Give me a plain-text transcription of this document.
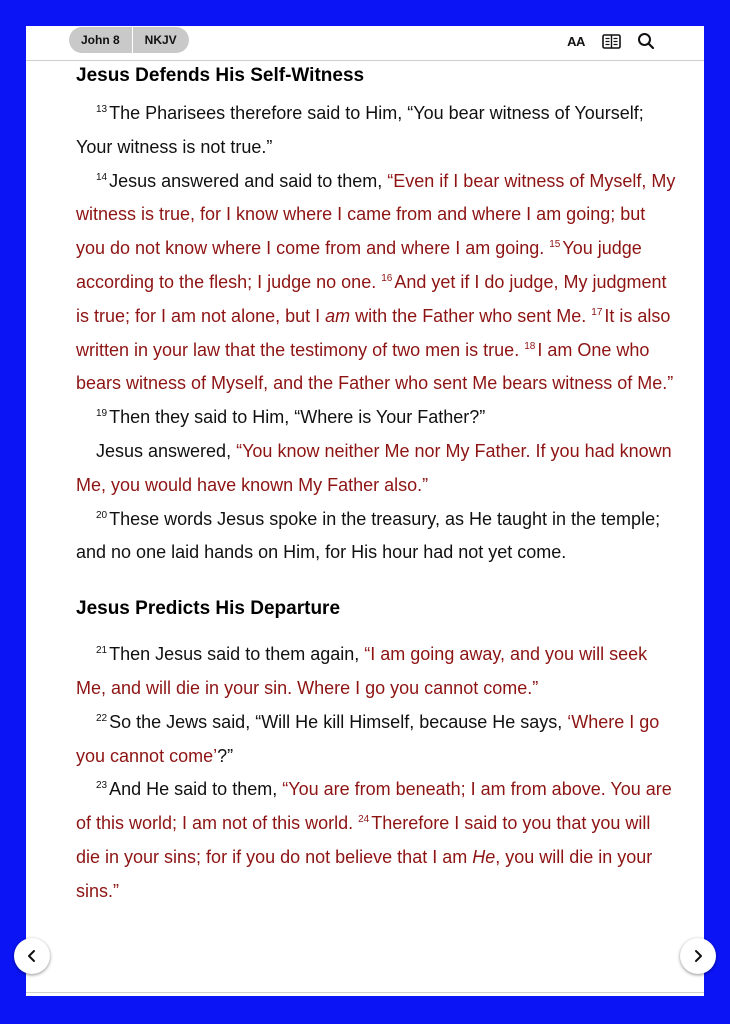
John 8	NKJV	AA
Jesus Defends His Self-Witness

$^{13}$ The Pharisees therefore said to Him, “You bear witness of Yourself; Your witness is not true.”

$^{14}$ Jesus answered and said to them, “Even if I bear witness of Myself, My witness is true, for I know where I came from and where I am going; but you do not know where I come from and where I am going. $^{15}$ You judge according to the flesh; I judge no one. $^{16}$ And yet if I do judge, My judgment is true; for I am not alone, but I am with the Father who sent Me. $^{17}$ It is also written in your law that the testimony of two men is true. $^{18}$ I am One who bears witness of Myself, and the Father who sent Me bears witness of Me.”

$^{19}$ Then they said to Him, “Where is Your Father?”

Jesus answered, “You know neither Me nor My Father. If you had known Me, you would have known My Father also.”

$^{20}$ These words Jesus spoke in the treasury, as He taught in the temple; and no one laid hands on Him, for His hour had not yet come.

Jesus Predicts His Departure

$^{21}$ Then Jesus said to them again, “I am going away, and you will seek Me, and will die in your sin. Where I go you cannot come.”

$^{22}$ So the Jews said, “Will He kill Himself, because He says, ‘Where I go you cannot come’?”

$^{23}$ And He said to them, “You are from beneath; I am from above. You are of this world; I am not of this world. $^{24}$ Therefore I said to you that you will die in your sins; for if you do not believe that I am He, you will die in your sins.”
